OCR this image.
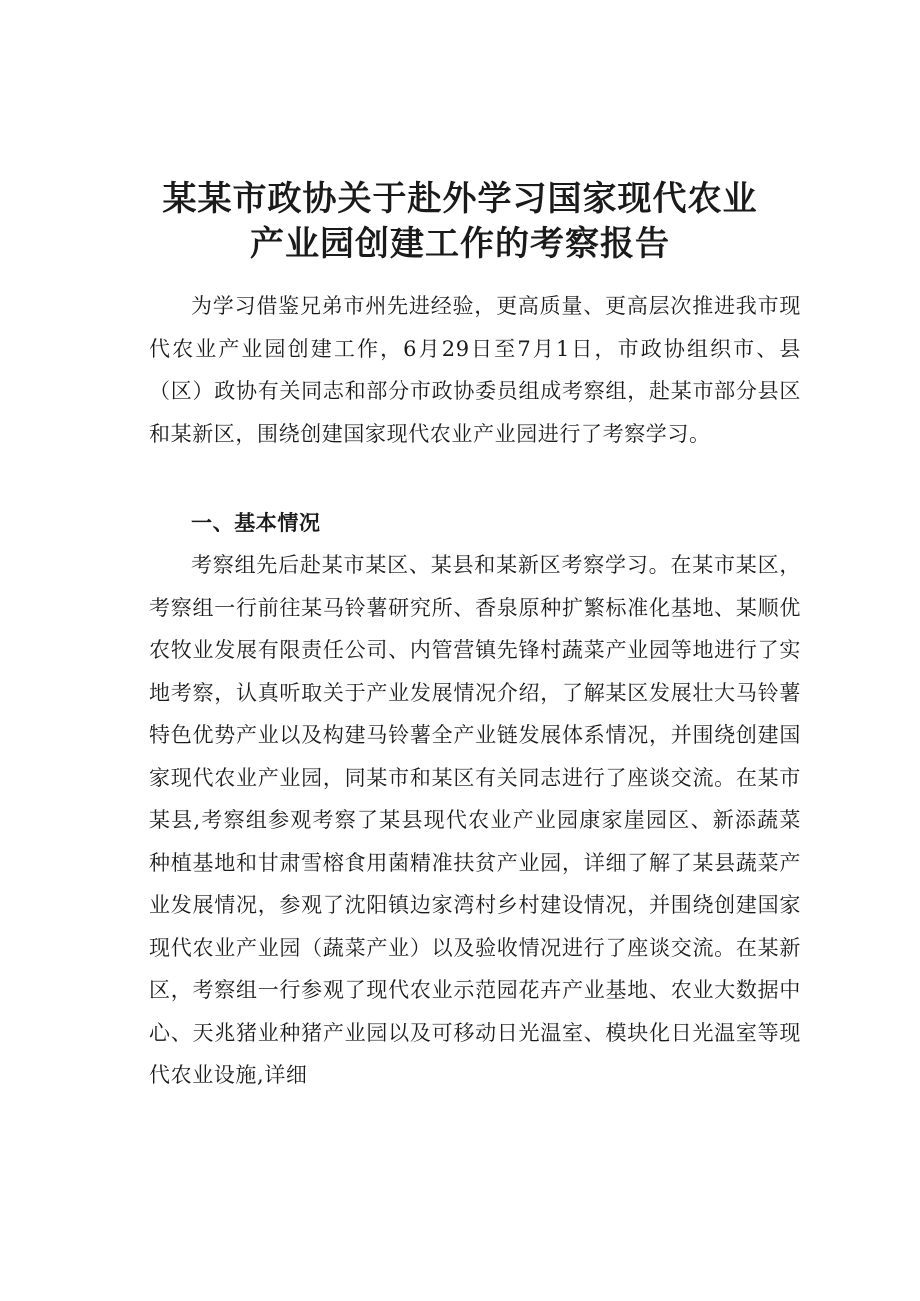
某某市政协关于赴外学习国家现代农业
产业园创建工作的考察报告

为学习借鉴兄弟市州先进经验，更高质量、更高层次推进我市现代农业产业园创建工作，6月29日至7月1日，市政协组织市、县（区）政协有关同志和部分市政协委员组成考察组，赴某市部分县区和某新区，围绕创建国家现代农业产业园进行了考察学习。

一、基本情况

考察组先后赴某市某区、某县和某新区考察学习。在某市某区，考察组一行前往某马铃薯研究所、香泉原种扩繁标准化基地、某顺优农牧业发展有限责任公司、内管营镇先锋村蔬菜产业园等地进行了实地考察，认真听取关于产业发展情况介绍，了解某区发展壮大马铃薯特色优势产业以及构建马铃薯全产业链发展体系情况，并围绕创建国家现代农业产业园，同某市和某区有关同志进行了座谈交流。在某市某县,考察组参观考察了某县现代农业产业园康家崖园区、新添蔬菜种植基地和甘肃雪榕食用菌精准扶贫产业园，详细了解了某县蔬菜产业发展情况，参观了沈阳镇边家湾村乡村建设情况，并围绕创建国家现代农业产业园（蔬菜产业）以及验收情况进行了座谈交流。在某新区，考察组一行参观了现代农业示范园花卉产业基地、农业大数据中心、天兆猪业种猪产业园以及可移动日光温室、模块化日光温室等现代农业设施,详细
